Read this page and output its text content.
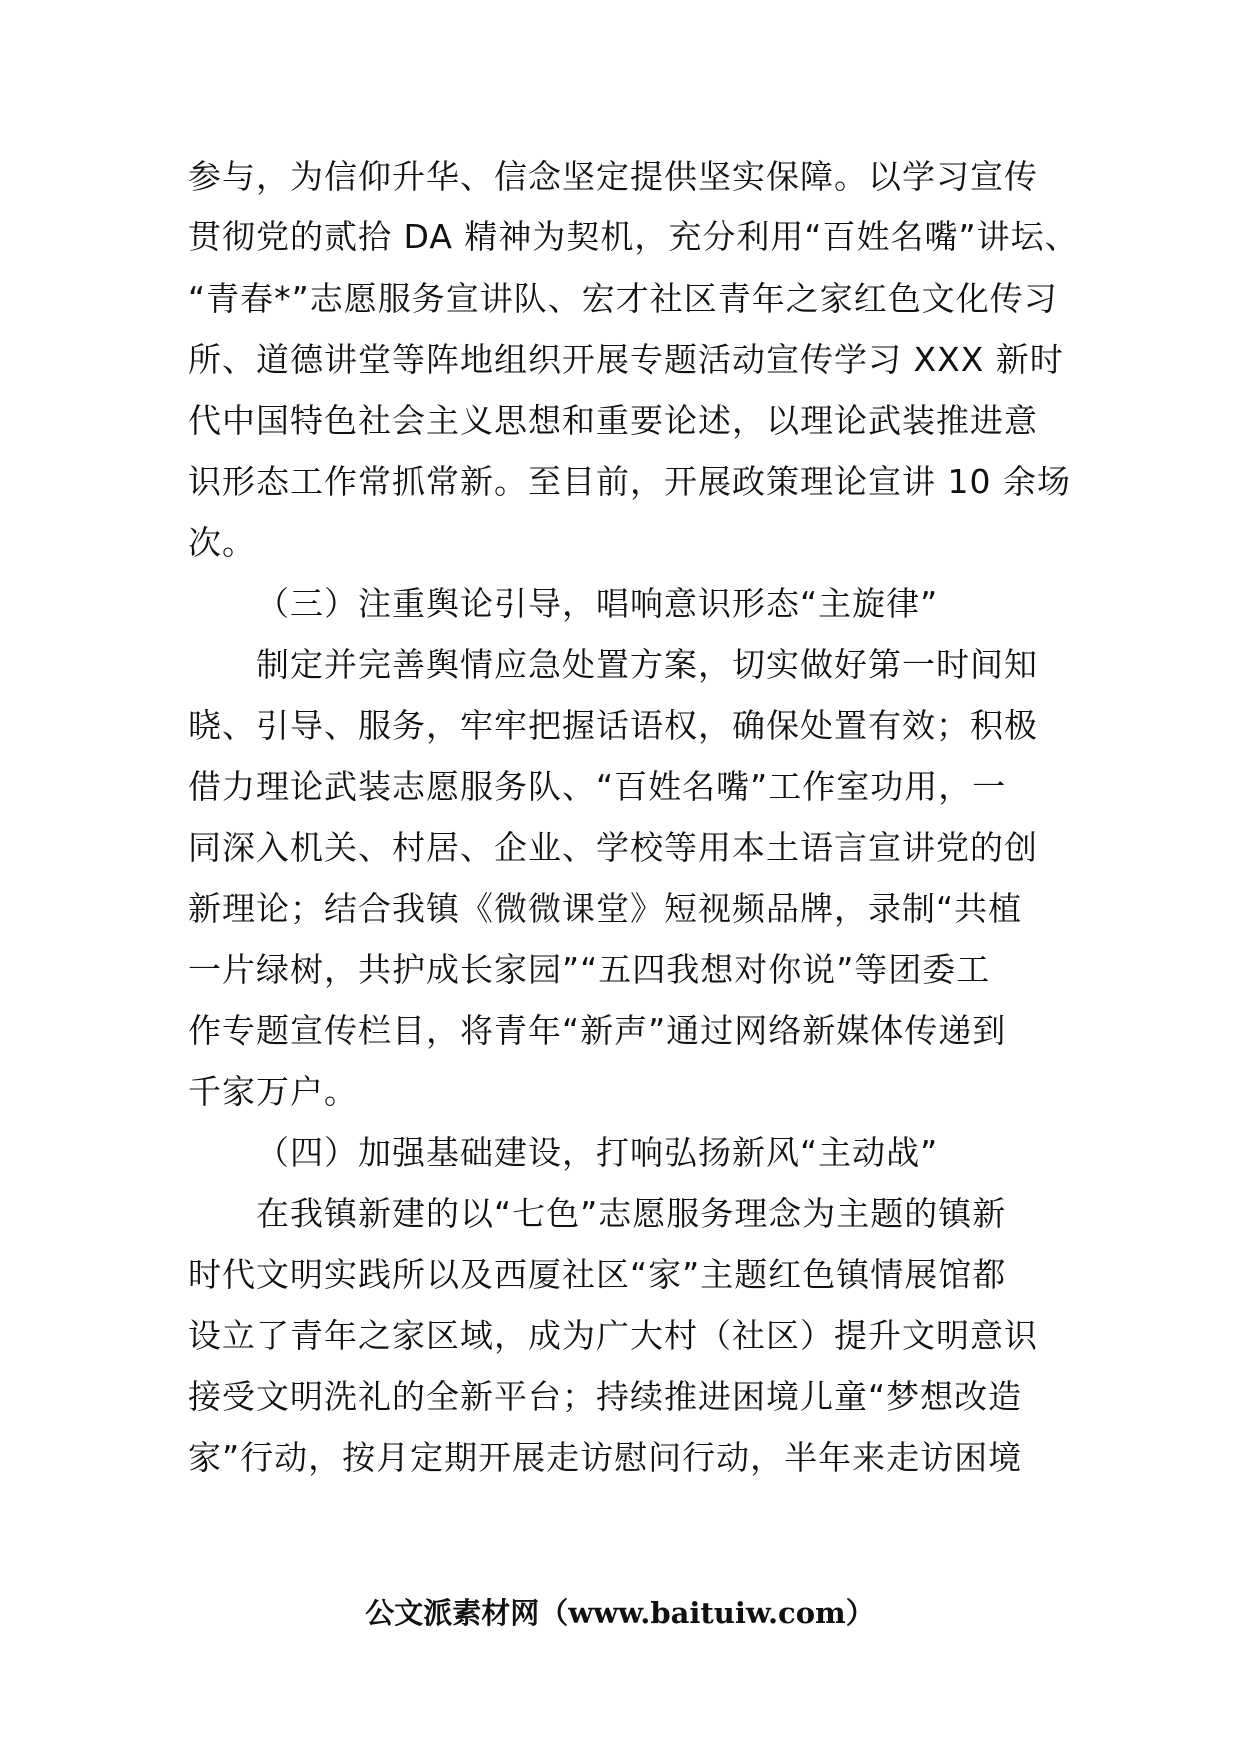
参与，为信仰升华、信念坚定提供坚实保障。以学习宣传
贯彻党的贰拾 DA 精神为契机，充分利用“百姓名嘴”讲坛、
“青春*”志愿服务宣讲队、宏才社区青年之家红色文化传习
所、道德讲堂等阵地组织开展专题活动宣传学习 XXX 新时
代中国特色社会主义思想和重要论述，以理论武装推进意
识形态工作常抓常新。至目前，开展政策理论宣讲 10 余场
次。
（三）注重舆论引导，唱响意识形态“主旋律”
制定并完善舆情应急处置方案，切实做好第一时间知
晓、引导、服务，牢牢把握话语权，确保处置有效；积极
借力理论武装志愿服务队、“百姓名嘴”工作室功用，一
同深入机关、村居、企业、学校等用本土语言宣讲党的创
新理论；结合我镇《微微课堂》短视频品牌，录制“共植
一片绿树，共护成长家园”“五四我想对你说”等团委工
作专题宣传栏目，将青年“新声”通过网络新媒体传递到
千家万户。
（四）加强基础建设，打响弘扬新风“主动战”
在我镇新建的以“七色”志愿服务理念为主题的镇新
时代文明实践所以及西厦社区“家”主题红色镇情展馆都
设立了青年之家区域，成为广大村（社区）提升文明意识
接受文明洗礼的全新平台；持续推进困境儿童“梦想改造
家”行动，按月定期开展走访慰问行动，半年来走访困境
公文派素材网（www.baituiw.com）
